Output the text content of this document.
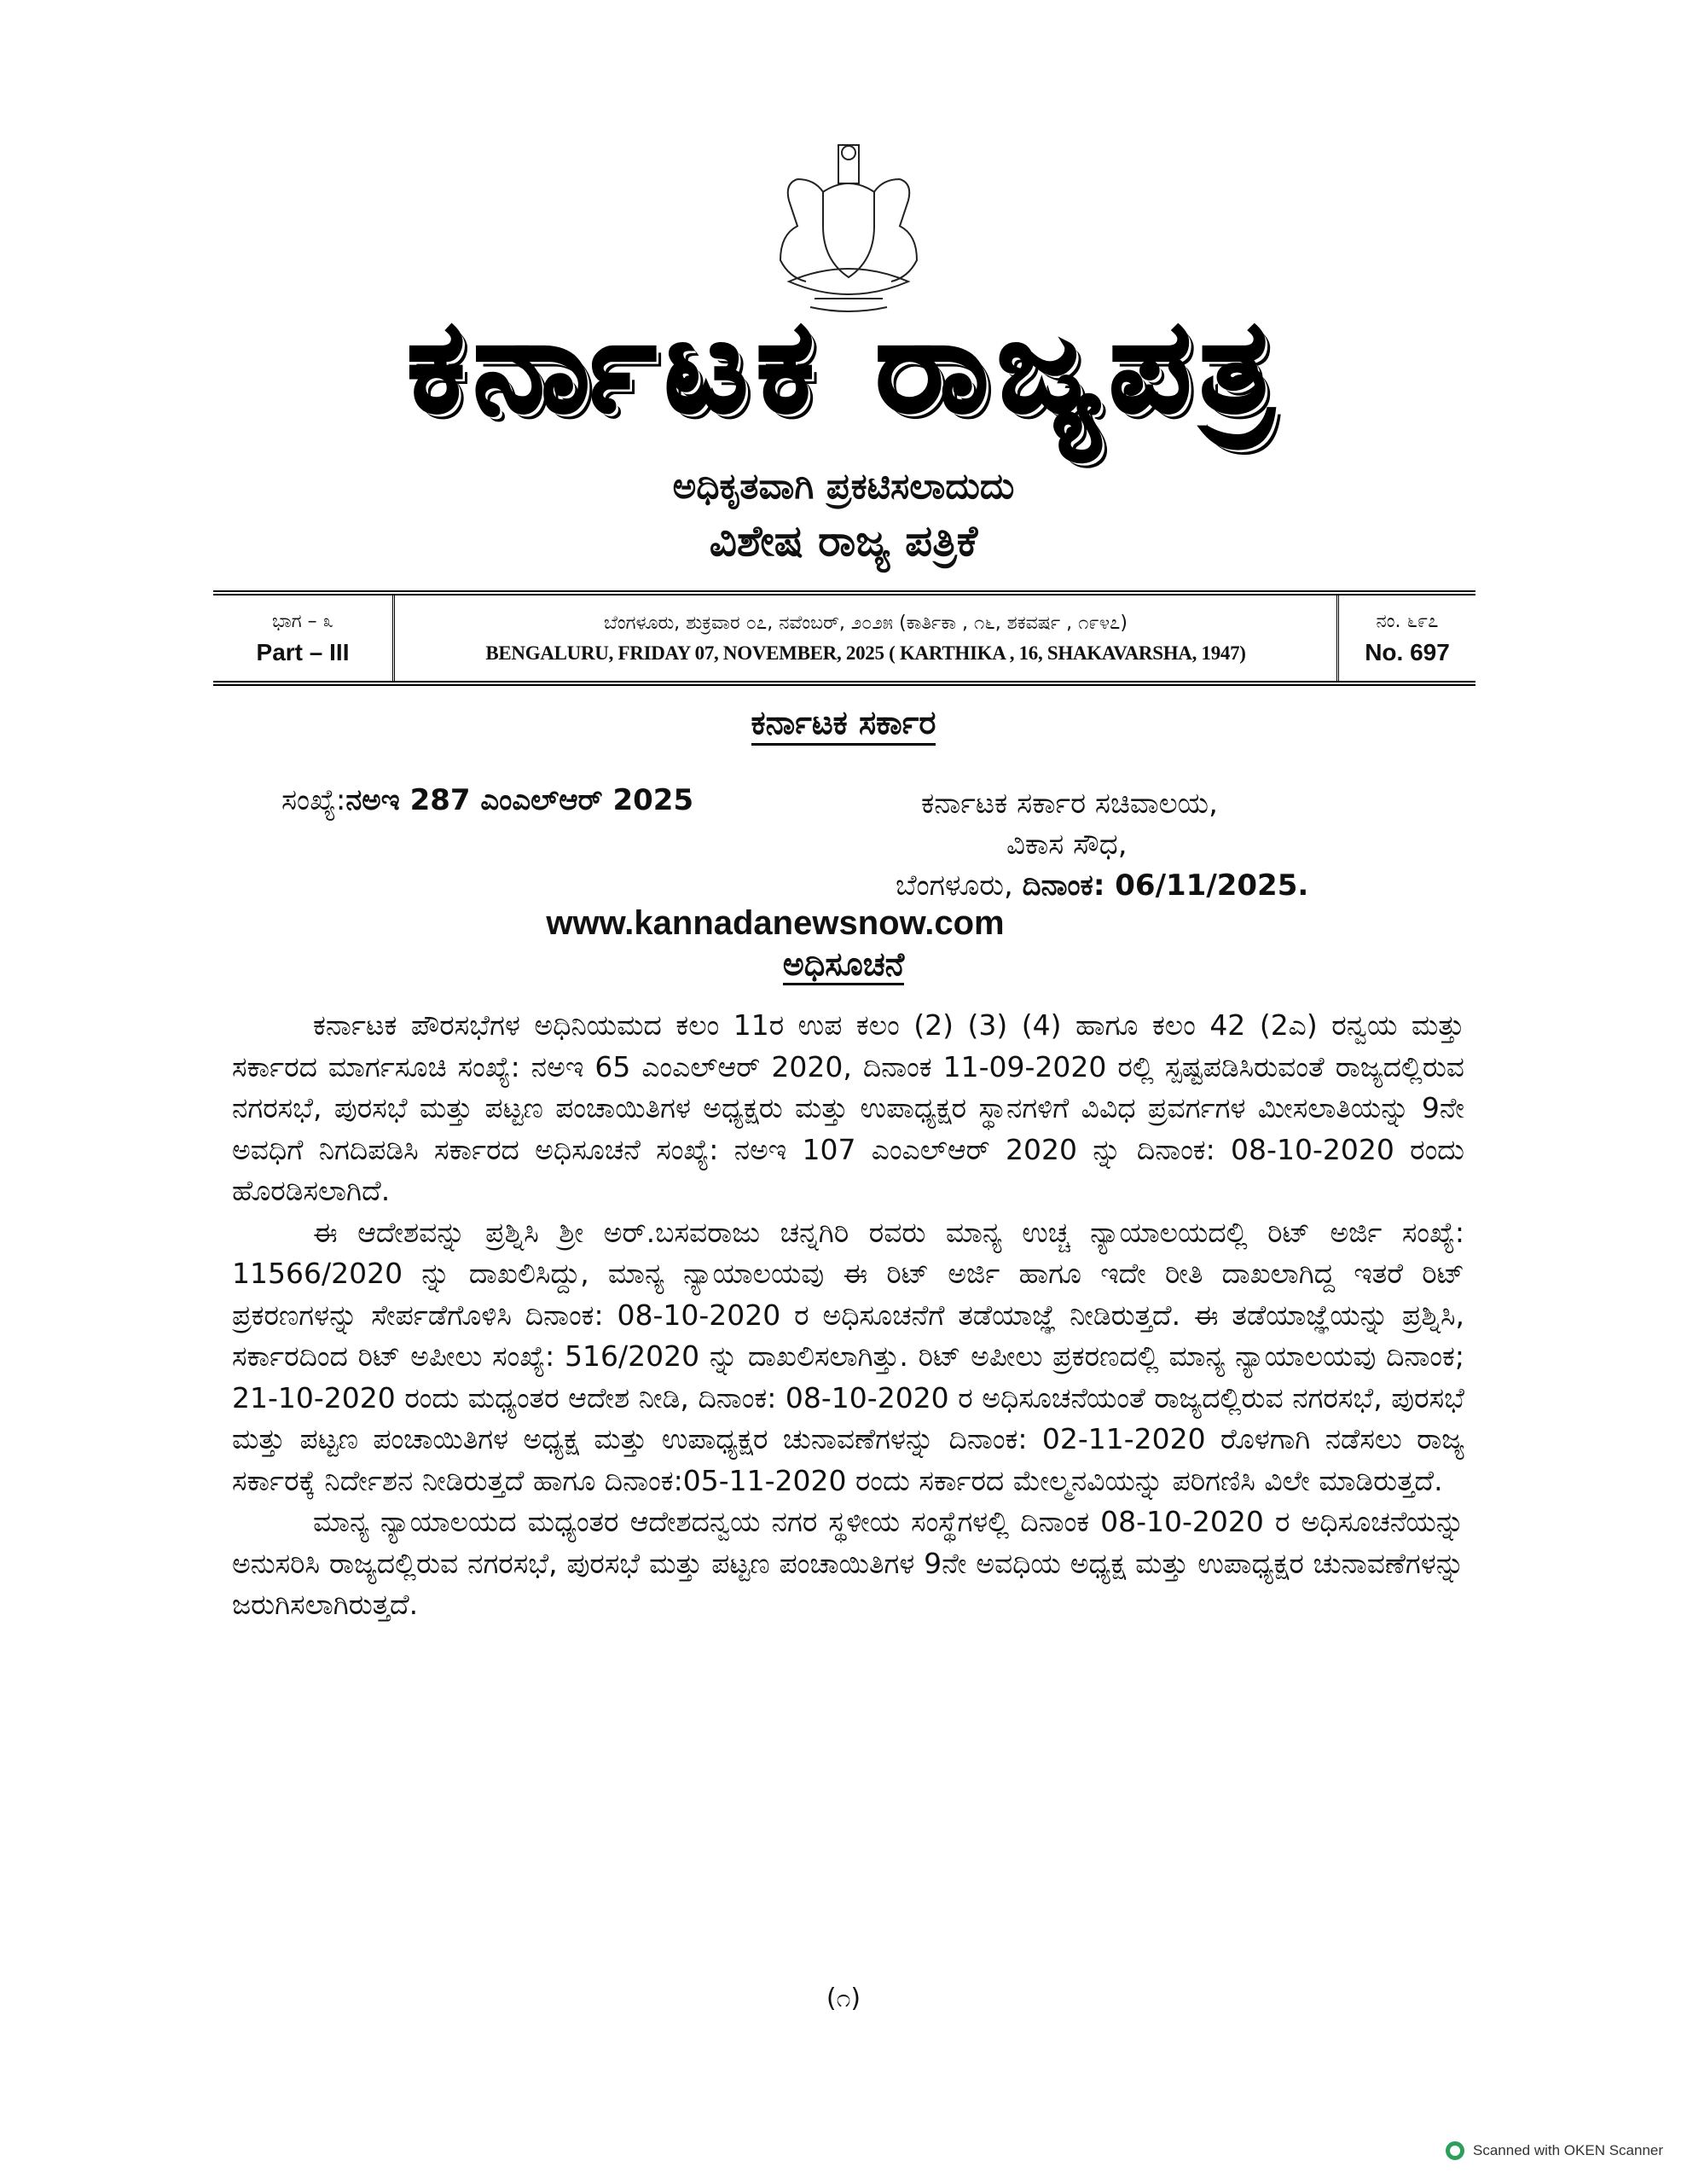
ಕರ್ನಾಟಕ ರಾಜ್ಯಪತ್ರ
ಅಧಿಕೃತವಾಗಿ ಪ್ರಕಟಿಸಲಾದುದು
ವಿಶೇಷ ರಾಜ್ಯ ಪತ್ರಿಕೆ
ಭಾಗ – ೩
Part – III
ಬೆಂಗಳೂರು, ಶುಕ್ರವಾರ ೦೭, ನವೆಂಬರ್, ೨೦೨೫ (ಕಾರ್ತಿಕಾ , ೧೬, ಶಕವರ್ಷ , ೧೯೪೭)
BENGALURU, FRIDAY 07, NOVEMBER, 2025 ( KARTHIKA , 16, SHAKAVARSHA, 1947)
ನಂ. ೬೯೭
No. 697
ಕರ್ನಾಟಕ ಸರ್ಕಾರ
ಸಂಖ್ಯೆ:ನಅಇ 287 ಎಂಎಲ್ಆರ್ 2025	ಕರ್ನಾಟಕ ಸರ್ಕಾರ ಸಚಿವಾಲಯ,
ವಿಕಾಸ ಸೌಧ,
ಬೆಂಗಳೂರು, ದಿನಾಂಕ: 06/11/2025.
www.kannadanewsnow.com
ಅಧಿಸೂಚನೆ

ಕರ್ನಾಟಕ ಪೌರಸಭೆಗಳ ಅಧಿನಿಯಮದ ಕಲಂ 11ರ ಉಪ ಕಲಂ (2) (3) (4) ಹಾಗೂ ಕಲಂ 42 (2ಎ) ರನ್ವಯ ಮತ್ತು ಸರ್ಕಾರದ ಮಾರ್ಗಸೂಚಿ ಸಂಖ್ಯೆ: ನಅಇ 65 ಎಂಎಲ್ಆರ್ 2020, ದಿನಾಂಕ 11-09-2020 ರಲ್ಲಿ ಸ್ಪಷ್ಟಪಡಿಸಿರುವಂತೆ ರಾಜ್ಯದಲ್ಲಿರುವ ನಗರಸಭೆ, ಪುರಸಭೆ ಮತ್ತು ಪಟ್ಟಣ ಪಂಚಾಯಿತಿಗಳ ಅಧ್ಯಕ್ಷರು ಮತ್ತು ಉಪಾಧ್ಯಕ್ಷರ ಸ್ಥಾನಗಳಿಗೆ ವಿವಿಧ ಪ್ರವರ್ಗಗಳ ಮೀಸಲಾತಿಯನ್ನು 9ನೇ ಅವಧಿಗೆ ನಿಗದಿಪಡಿಸಿ ಸರ್ಕಾರದ ಅಧಿಸೂಚನೆ ಸಂಖ್ಯೆ: ನಅಇ 107 ಎಂಎಲ್ಆರ್ 2020 ನ್ನು ದಿನಾಂಕ: 08-10-2020 ರಂದು ಹೊರಡಿಸಲಾಗಿದೆ.

ಈ ಆದೇಶವನ್ನು ಪ್ರಶ್ನಿಸಿ ಶ್ರೀ ಅರ್.ಬಸವರಾಜು ಚನ್ನಗಿರಿ ರವರು ಮಾನ್ಯ ಉಚ್ಚ ನ್ಯಾಯಾಲಯದಲ್ಲಿ ರಿಟ್ ಅರ್ಜಿ ಸಂಖ್ಯೆ: 11566/2020 ನ್ನು ದಾಖಲಿಸಿದ್ದು, ಮಾನ್ಯ ನ್ಯಾಯಾಲಯವು ಈ ರಿಟ್ ಅರ್ಜಿ ಹಾಗೂ ಇದೇ ರೀತಿ ದಾಖಲಾಗಿದ್ದ ಇತರೆ ರಿಟ್ ಪ್ರಕರಣಗಳನ್ನು ಸೇರ್ಪಡೆಗೊಳಿಸಿ ದಿನಾಂಕ: 08-10-2020 ರ ಅಧಿಸೂಚನೆಗೆ ತಡೆಯಾಜ್ಞೆ ನೀಡಿರುತ್ತದೆ. ಈ ತಡೆಯಾಜ್ಞೆಯನ್ನು ಪ್ರಶ್ನಿಸಿ, ಸರ್ಕಾರದಿಂದ ರಿಟ್ ಅಪೀಲು ಸಂಖ್ಯೆ: 516/2020 ನ್ನು ದಾಖಲಿಸಲಾಗಿತ್ತು. ರಿಟ್ ಅಪೀಲು ಪ್ರಕರಣದಲ್ಲಿ ಮಾನ್ಯ ನ್ಯಾಯಾಲಯವು ದಿನಾಂಕ; 21-10-2020 ರಂದು ಮಧ್ಯಂತರ ಆದೇಶ ನೀಡಿ, ದಿನಾಂಕ: 08-10-2020 ರ ಅಧಿಸೂಚನೆಯಂತೆ ರಾಜ್ಯದಲ್ಲಿರುವ ನಗರಸಭೆ, ಪುರಸಭೆ ಮತ್ತು ಪಟ್ಟಣ ಪಂಚಾಯಿತಿಗಳ ಅಧ್ಯಕ್ಷ ಮತ್ತು ಉಪಾಧ್ಯಕ್ಷರ ಚುನಾವಣೆಗಳನ್ನು ದಿನಾಂಕ: 02-11-2020 ರೊಳಗಾಗಿ ನಡೆಸಲು ರಾಜ್ಯ ಸರ್ಕಾರಕ್ಕೆ ನಿರ್ದೇಶನ ನೀಡಿರುತ್ತದೆ ಹಾಗೂ ದಿನಾಂಕ:05-11-2020 ರಂದು ಸರ್ಕಾರದ ಮೇಲ್ಮನವಿಯನ್ನು ಪರಿಗಣಿಸಿ ವಿಲೇ ಮಾಡಿರುತ್ತದೆ.

ಮಾನ್ಯ ನ್ಯಾಯಾಲಯದ ಮಧ್ಯಂತರ ಆದೇಶದನ್ವಯ ನಗರ ಸ್ಥಳೀಯ ಸಂಸ್ಥೆಗಳಲ್ಲಿ ದಿನಾಂಕ 08-10-2020 ರ ಅಧಿಸೂಚನೆಯನ್ನು ಅನುಸರಿಸಿ ರಾಜ್ಯದಲ್ಲಿರುವ ನಗರಸಭೆ, ಪುರಸಭೆ ಮತ್ತು ಪಟ್ಟಣ ಪಂಚಾಯಿತಿಗಳ 9ನೇ ಅವಧಿಯ ಅಧ್ಯಕ್ಷ ಮತ್ತು ಉಪಾಧ್ಯಕ್ಷರ ಚುನಾವಣೆಗಳನ್ನು ಜರುಗಿಸಲಾಗಿರುತ್ತದೆ.

(೧)
Scanned with OKEN Scanner
